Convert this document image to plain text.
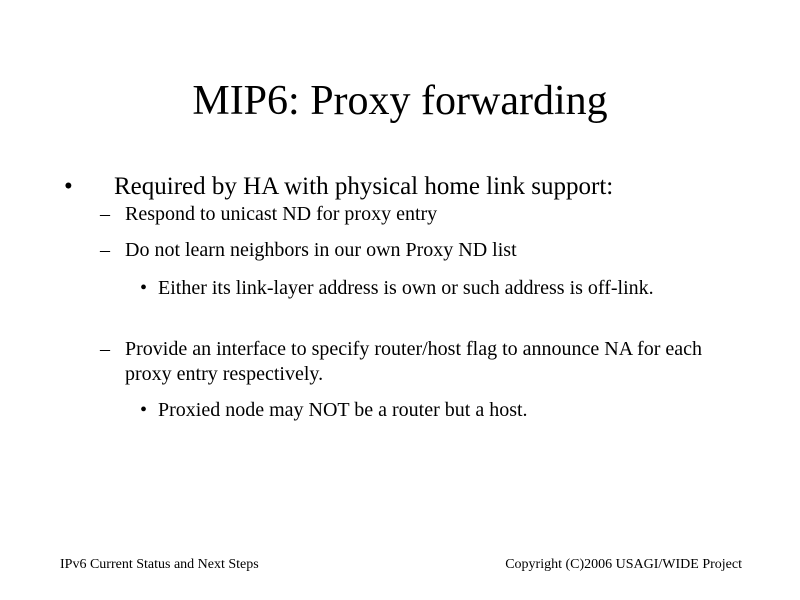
MIP6: Proxy forwarding
• Required by HA with physical home link support:
– Respond to unicast ND for proxy entry
– Do not learn neighbors in our own Proxy ND list
• Either its link-layer address is own or such address is off-link.
– Provide an interface to specify router/host flag to announce NA for each proxy entry respectively.
• Proxied node may NOT be a router but a host.
IPv6 Current Status and Next Steps	Copyright (C)2006 USAGI/WIDE Project
